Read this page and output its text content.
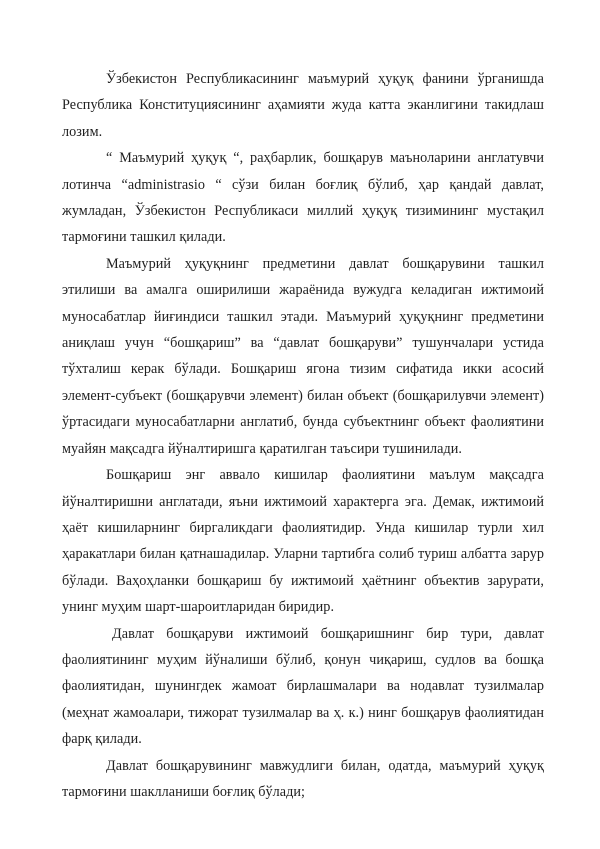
Ўзбекистон Республикасининг маъмурий ҳуқуқ фанини ўрганишда Республика Конституциясининг аҳамияти жуда катта эканлигини такидлаш лозим.

“ Маъмурий ҳуқуқ “, раҳбарлик, бошқарув маъноларини англатувчи лотинча “administrasio “ сўзи билан боғлиқ бўлиб, ҳар қандай давлат, жумладан, Ўзбекистон Республикаси миллий ҳуқуқ тизимининг мустақил тармоғини ташкил қилади.

Маъмурий ҳуқуқнинг предметини давлат бошқарувини ташкил этилиши ва амалга оширилиши жараёнида вужудга келадиган ижтимоий муносабатлар йиғиндиси ташкил этади. Маъмурий ҳуқуқнинг предметини аниқлаш учун “бошқариш” ва “давлат бошқаруви” тушунчалари устида тўхталиш керак бўлади. Бошқариш ягона тизим сифатида икки асосий элемент-субъект (бошқарувчи элемент) билан объект (бошқарилувчи элемент) ўртасидаги муносабатларни англатиб, бунда субъектнинг объект фаолиятини муайян мақсадга йўналтиришга қаратилган таъсири тушинилади.

Бошқариш энг аввало кишилар фаолиятини маълум мақсадга йўналтиришни англатади, яъни ижтимоий характерга эга. Демак, ижтимоий ҳаёт кишиларнинг биргаликдаги фаолиятидир. Унда кишилар турли хил ҳаракатлари билан қатнашадилар. Уларни тартибга солиб туриш албатта зарур бўлади. Ваҳоҳланки бошқариш бу ижтимоий ҳаётнинг объектив зарурати, унинг муҳим шарт-шароитларидан биридир.

Давлат бошқаруви ижтимоий бошқаришнинг бир тури, давлат фаолиятининг муҳим йўналиши бўлиб, қонун чиқариш, судлов ва бошқа фаолиятидан, шунингдек жамоат бирлашмалари ва нодавлат тузилмалар (меҳнат жамоалари, тижорат тузилмалар ва ҳ. к.) нинг бошқарув фаолиятидан фарқ қилади.

Давлат бошқарувининг мавжудлиги билан, одатда, маъмурий ҳуқуқ тармоғини шаклланиши боғлиқ бўлади;
